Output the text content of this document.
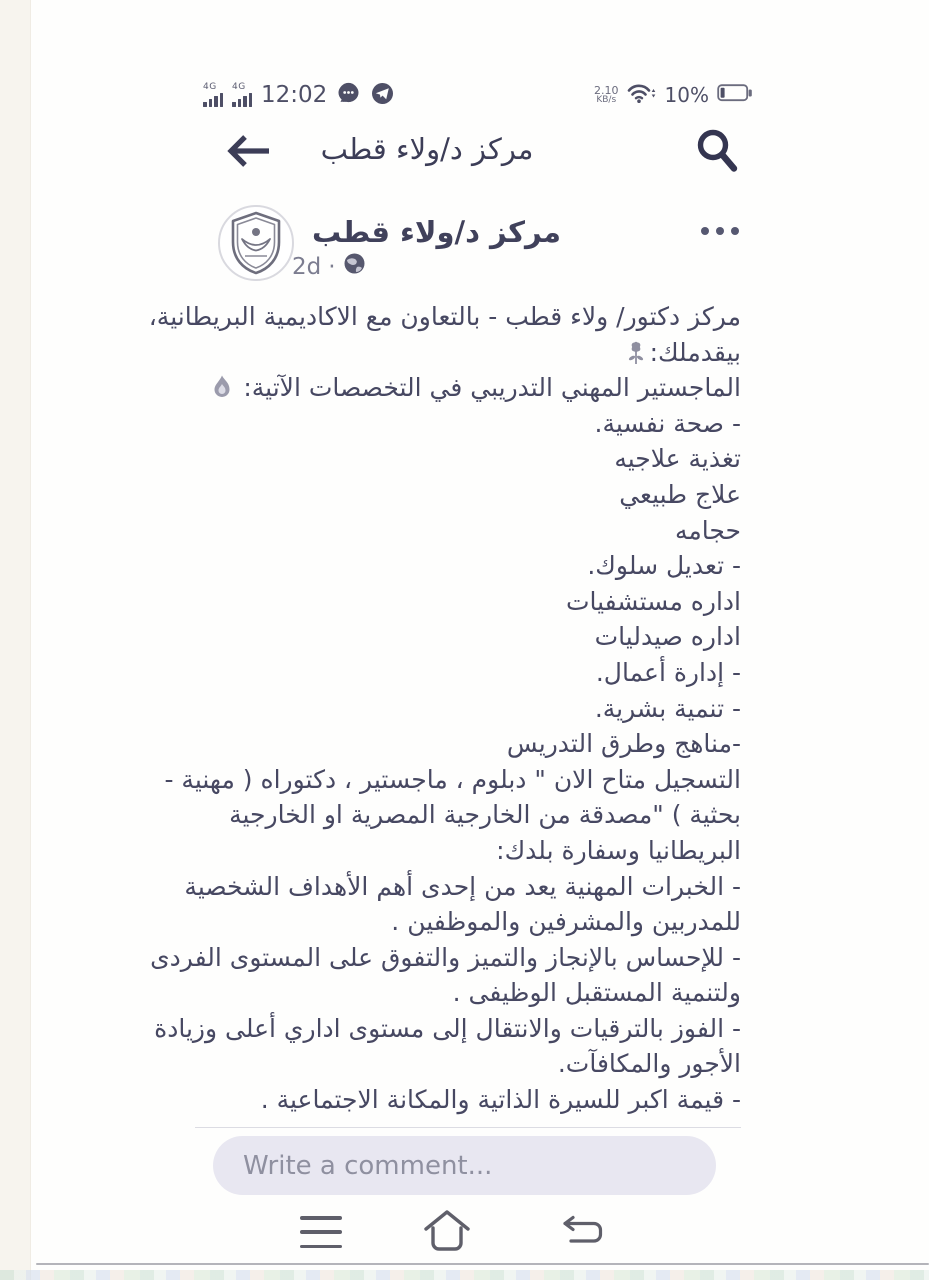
4G 4G 12:02	2.10
KB/s 10%
مركز د/ولاء قطب
مركز د/ولاء قطب
2d ·
مركز دكتور/ ولاء قطب - بالتعاون مع الاكاديمية البريطانية،
بيقدملك:
الماجستير المهني التدريبي في التخصصات الآتية:
- صحة نفسية.
تغذية علاجيه
علاج طبيعي
حجامه
- تعديل سلوك.
اداره مستشفيات
اداره صيدليات
- إدارة أعمال.
- تنمية بشرية.
-مناهج وطرق التدريس
التسجيل متاح الان " دبلوم ، ماجستير ، دكتوراه ( مهنية -
بحثية ) "مصدقة من الخارجية المصرية او الخارجية
البريطانيا وسفارة بلدك:
- الخبرات المهنية يعد من إحدى أهم الأهداف الشخصية
للمدربين والمشرفين والموظفين .
- للإحساس بالإنجاز والتميز والتفوق على المستوى الفردى
ولتنمية المستقبل الوظيفى .
- الفوز بالترقيات والانتقال إلى مستوى اداري أعلى وزيادة
الأجور والمكافآت.
- قيمة اكبر للسيرة الذاتية والمكانة الاجتماعية .
Write a comment...
